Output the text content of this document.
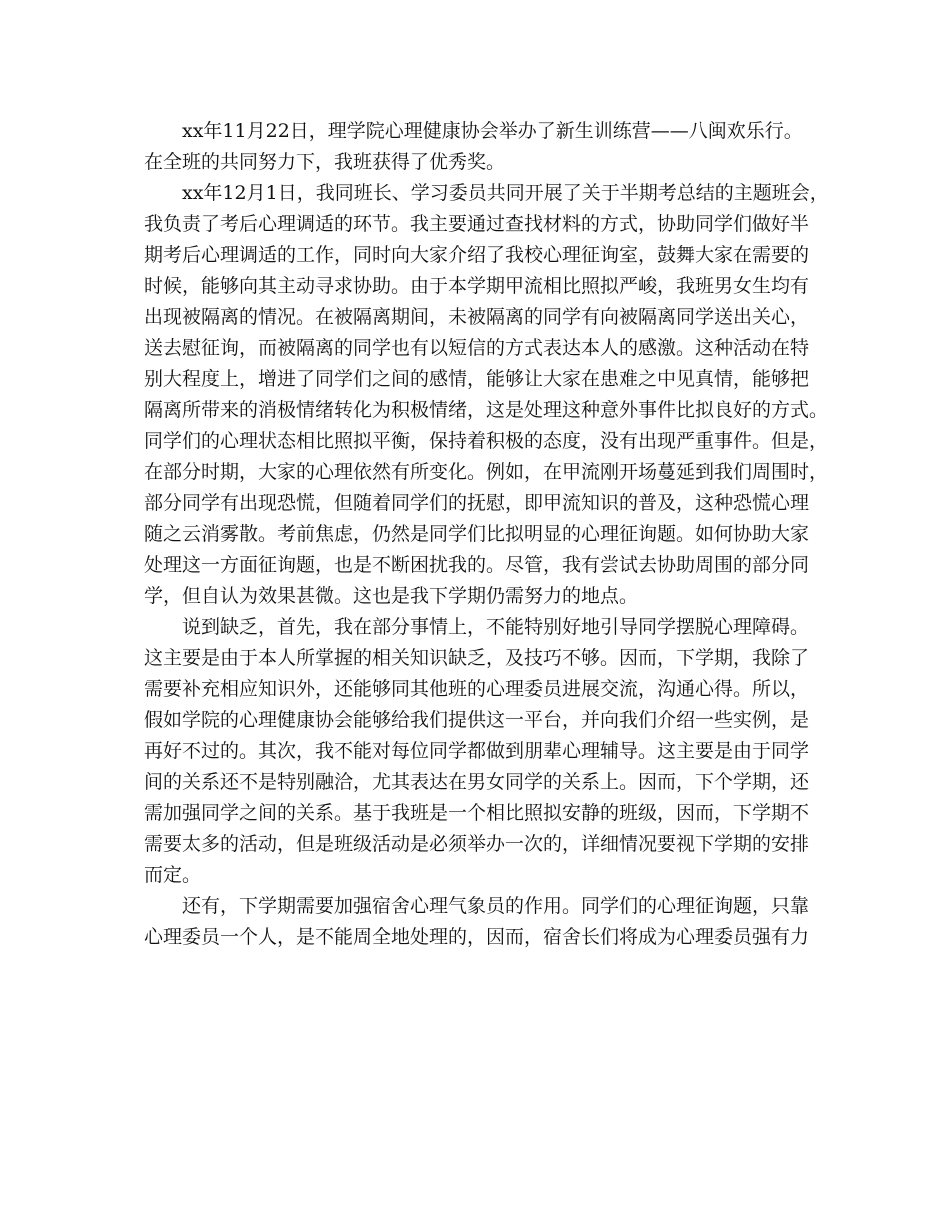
xx年11月22日，理学院心理健康协会举办了新生训练营——八闽欢乐行。
在全班的共同努力下，我班获得了优秀奖。
xx年12月1日，我同班长、学习委员共同开展了关于半期考总结的主题班会，
我负责了考后心理调适的环节。我主要通过查找材料的方式，协助同学们做好半
期考后心理调适的工作，同时向大家介绍了我校心理征询室，鼓舞大家在需要的
时候，能够向其主动寻求协助。由于本学期甲流相比照拟严峻，我班男女生均有
出现被隔离的情况。在被隔离期间，未被隔离的同学有向被隔离同学送出关心，
送去慰征询，而被隔离的同学也有以短信的方式表达本人的感激。这种活动在特
别大程度上，增进了同学们之间的感情，能够让大家在患难之中见真情，能够把
隔离所带来的消极情绪转化为积极情绪，这是处理这种意外事件比拟良好的方式。
同学们的心理状态相比照拟平衡，保持着积极的态度，没有出现严重事件。但是，
在部分时期，大家的心理依然有所变化。例如，在甲流刚开场蔓延到我们周围时，
部分同学有出现恐慌，但随着同学们的抚慰，即甲流知识的普及，这种恐慌心理
随之云消雾散。考前焦虑，仍然是同学们比拟明显的心理征询题。如何协助大家
处理这一方面征询题，也是不断困扰我的。尽管，我有尝试去协助周围的部分同
学，但自认为效果甚微。这也是我下学期仍需努力的地点。
说到缺乏，首先，我在部分事情上，不能特别好地引导同学摆脱心理障碍。
这主要是由于本人所掌握的相关知识缺乏，及技巧不够。因而，下学期，我除了
需要补充相应知识外，还能够同其他班的心理委员进展交流，沟通心得。所以，
假如学院的心理健康协会能够给我们提供这一平台，并向我们介绍一些实例，是
再好不过的。其次，我不能对每位同学都做到朋辈心理辅导。这主要是由于同学
间的关系还不是特别融洽，尤其表达在男女同学的关系上。因而，下个学期，还
需加强同学之间的关系。基于我班是一个相比照拟安静的班级，因而，下学期不
需要太多的活动，但是班级活动是必须举办一次的，详细情况要视下学期的安排
而定。
还有，下学期需要加强宿舍心理气象员的作用。同学们的心理征询题，只靠
心理委员一个人，是不能周全地处理的，因而，宿舍长们将成为心理委员强有力
